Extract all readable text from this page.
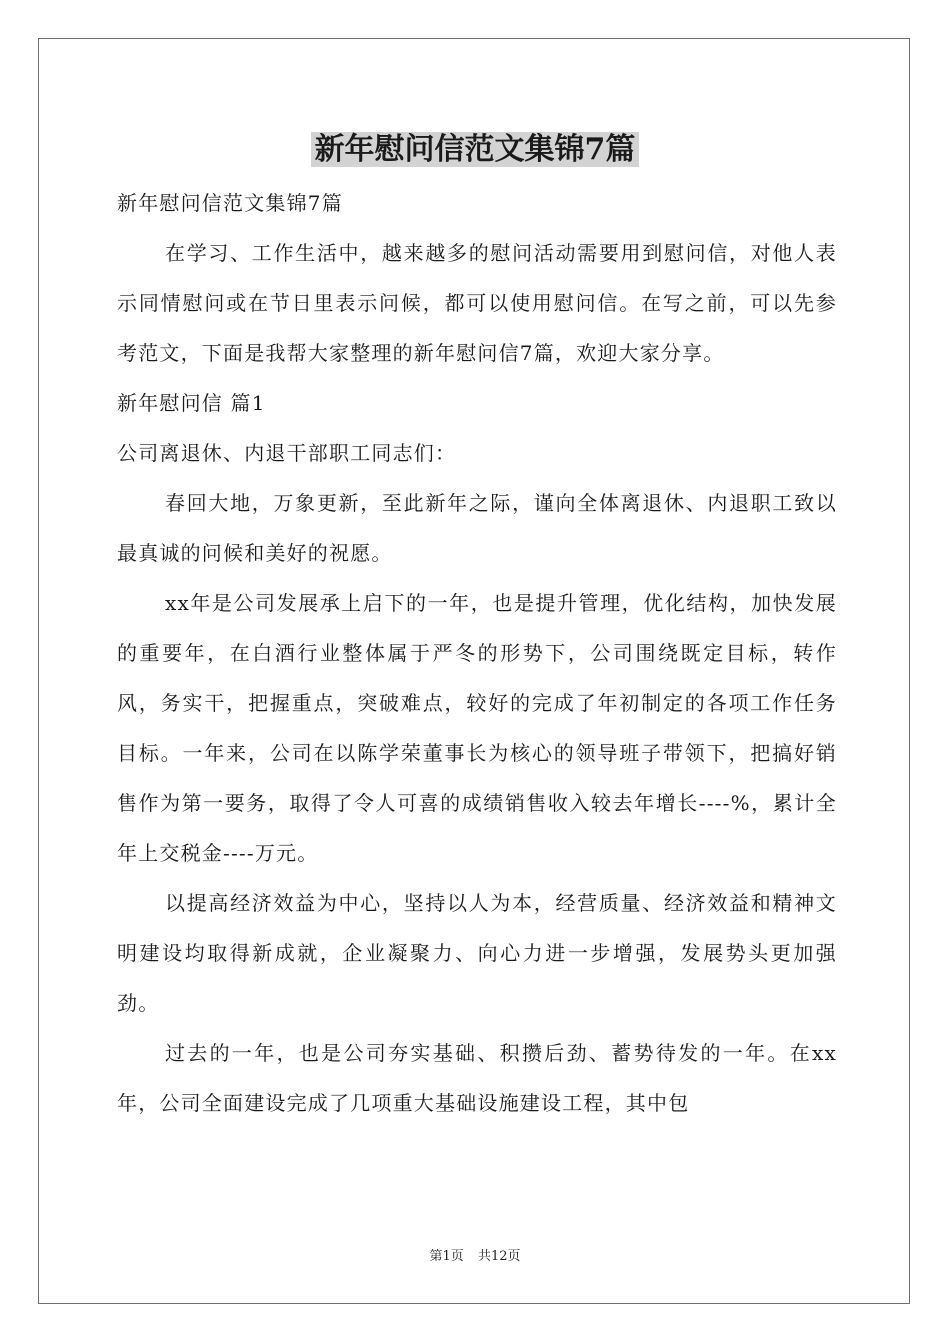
新年慰问信范文集锦7篇

新年慰问信范文集锦7篇

在学习、工作生活中，越来越多的慰问活动需要用到慰问信，对他人表示同情慰问或在节日里表示问候，都可以使用慰问信。在写之前，可以先参考范文，下面是我帮大家整理的新年慰问信7篇，欢迎大家分享。

新年慰问信 篇1

公司离退休、内退干部职工同志们：

春回大地，万象更新，至此新年之际，谨向全体离退休、内退职工致以最真诚的问候和美好的祝愿。

xx年是公司发展承上启下的一年，也是提升管理，优化结构，加快发展的重要年，在白酒行业整体属于严冬的形势下，公司围绕既定目标，转作风，务实干，把握重点，突破难点，较好的完成了年初制定的各项工作任务目标。一年来，公司在以陈学荣董事长为核心的领导班子带领下，把搞好销售作为第一要务，取得了令人可喜的成绩销售收入较去年增长----%，累计全年上交税金----万元。

以提高经济效益为中心，坚持以人为本，经营质量、经济效益和精神文明建设均取得新成就，企业凝聚力、向心力进一步增强，发展势头更加强劲。

过去的一年，也是公司夯实基础、积攒后劲、蓄势待发的一年。在xx年，公司全面建设完成了几项重大基础设施建设工程，其中包

第1页 共12页
